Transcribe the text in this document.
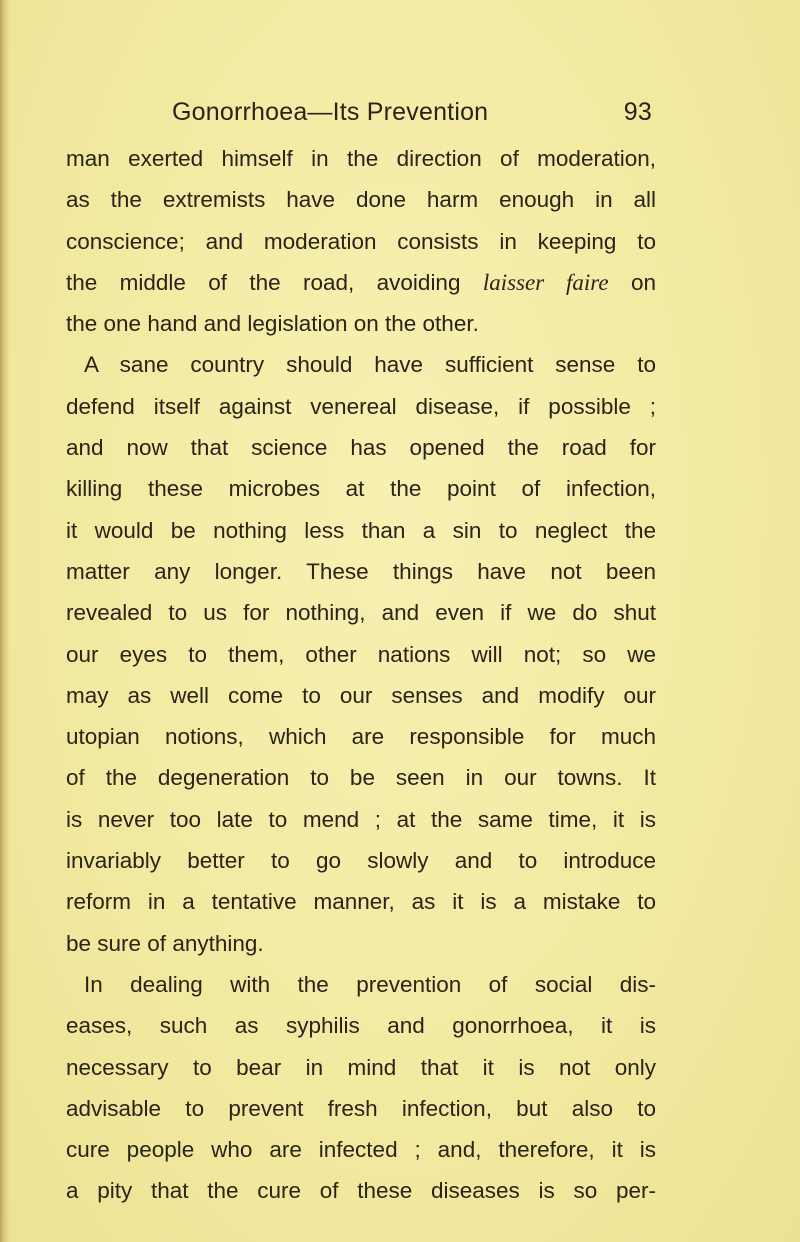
Gonorrhoea—Its Prevention	93
man exerted himself in the direction of moderation,
as the extremists have done harm enough in all
conscience; and moderation consists in keeping to
the middle of the road, avoiding laisser faire on
the one hand and legislation on the other.
A sane country should have sufficient sense to
defend itself against venereal disease, if possible ;
and now that science has opened the road for
killing these microbes at the point of infection,
it would be nothing less than a sin to neglect the
matter any longer. These things have not been
revealed to us for nothing, and even if we do shut
our eyes to them, other nations will not; so we
may as well come to our senses and modify our
utopian notions, which are responsible for much
of the degeneration to be seen in our towns. It
is never too late to mend ; at the same time, it is
invariably better to go slowly and to introduce
reform in a tentative manner, as it is a mistake to
be sure of anything.
In dealing with the prevention of social dis-
eases, such as syphilis and gonorrhoea, it is
necessary to bear in mind that it is not only
advisable to prevent fresh infection, but also to
cure people who are infected ; and, therefore, it is
a pity that the cure of these diseases is so per-
